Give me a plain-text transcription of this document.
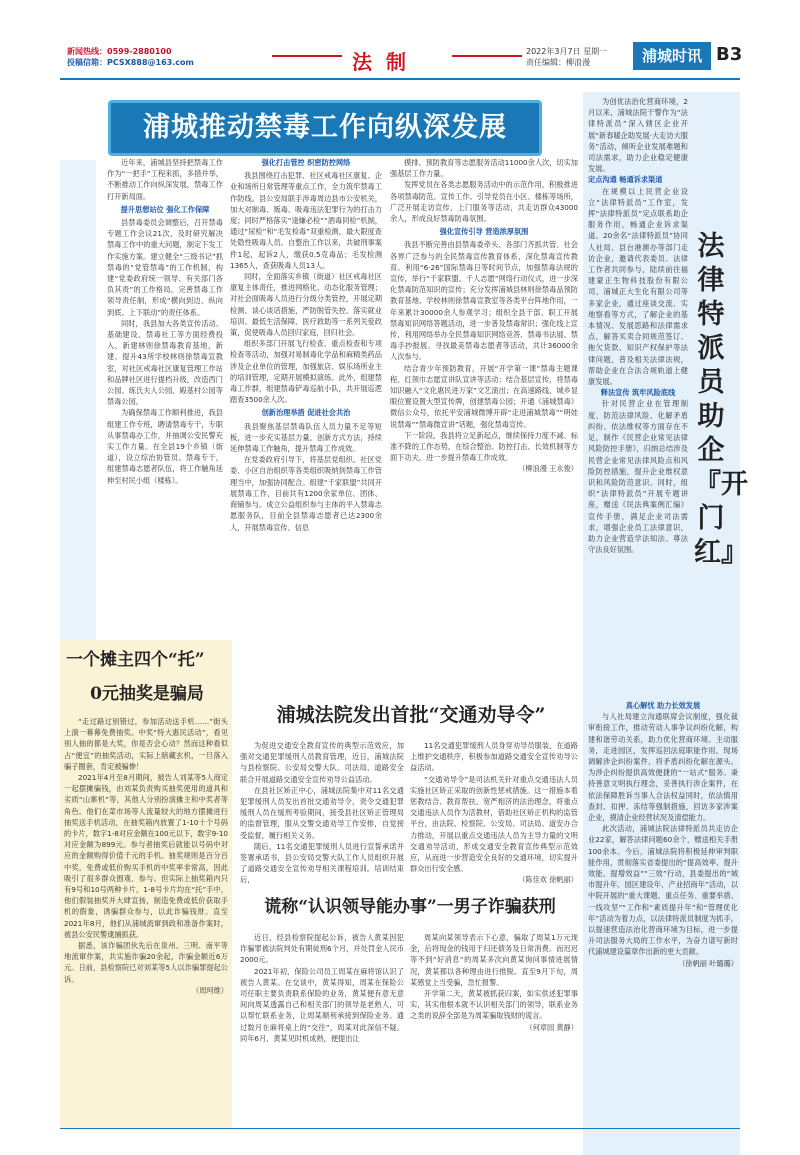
新闻热线：0599-2880100
投稿信箱：PCSX888@163.com	法制	2022年3月7日 星期一
责任编辑：柳浪漫	浦城时讯 B3
浦城推动禁毒工作向纵深发展

近年来，浦城县坚持把禁毒工作作为“一把手”工程来抓，多措并举，不断推动工作向纵深发展，禁毒工作打开新局面。

提升思想站位 强化工作保障

县禁毒委员会调整后，召开禁毒专题工作会议21次，及时研究解决禁毒工作中的重大问题，制定下发工作实施方案。建立健全“三级书记”抓禁毒的“党管禁毒”的工作机制，构建“党委政府统一领导、有关部门各负其责”的工作格局。完善禁毒工作领导责任制，形成“横向到边、纵向到底、上下联动”的责任体系。

同时，我县加大各类宣传活动、基础建设、禁毒社工等方面经费投入，新建林则徐禁毒教育基地，新建、提升43所学校林则徐禁毒宣教室，对社区戒毒社区康复管理工作站和品牌社区进行提档升级，改造西门公园、练氏夫人公园、殿基村公园等禁毒公园。

为确保禁毒工作顺利推进，我县组建工作专班，聘请禁毒专干，专职从事禁毒办工作，并抽调公安民警充实工作力量。在全县19个乡镇（街道），设立综治协管员、禁毒专干，组建禁毒志愿者队伍，将工作触角延伸至村民小组（楼栋）。

强化打击管控 织密防控网络

我县围绕打击犯罪、社区戒毒社区康复、企业和场所日常管理等重点工作，全力筑牢禁毒工作防线。县公安局联手涉毒周边县市公安机关，加大对制毒、贩毒、吸毒违法犯罪行为的打击力度；同时严格落实“逢嫌必检”“酒毒同检”机制，通过“尿检”和“毛发检毒”双重检测，最大限度查处隐性吸毒人员。自整治工作以来，共破刑事案件1起，起诉2人，缴获0.5克毒品；毛发检测1365人，查获吸毒人员13人。

同时，全面落实乡镇（街道）社区戒毒社区康复主体责任，推进网格化、动态化服务管理；对社会面吸毒人员进行分级分类管控，开展定期检测、谈心谈话措施，严防脱管失控。落实就业培训、最低生活保障、医疗救助等一系列关爱政策，促使吸毒人员回归家庭，回归社会。

组织多部门开展飞行检查、重点检查和专项检查等活动，加强对易制毒化学品和麻精类药品涉及企业单位的管理，加强旅店、娱乐场所业主的培训管理，定期开展模拟演练。此外，组建禁毒工作群，组建禁毒铲毒巡航小队，共开展巡逻踏查3500余人次。

创新治理举措 促进社会共治

我县聚焦基层禁毒队伍人员力量不足等短板，进一步充实基层力量，创新方式方法，持续延伸禁毒工作触角，提升禁毒工作成效。

在党委政府引导下，将基层党组织、社区党委、小区自治组织等各类组织吸纳到禁毒工作管理当中，加强协同配合。组建“千家联盟”共同开展禁毒工作，目前共有1200余家单位、团体、商铺参与。成立公益组织参与主体的平入禁毒志愿服务队，目前全县禁毒志愿者已达2300余人，开展禁毒宣传、信息

摸排、预防教育等志愿服务活动11000余人次，切实加强基层工作力量。

发挥党员在各类志愿服务活动中的示范作用，积极推进各项禁毒防范、宣传工作。引导党员在小区、楼栋等场所，广泛开展走访宣传、上门服务等活动，共走访群众43000余人，形成良好禁毒防毒氛围。

强化宣传引导 营造浓厚氛围

我县不断完善由县禁毒委牵头、各部门齐抓共管、社会各界广泛参与的全民禁毒宣传教育体系，深化禁毒宣传教育。利用“6·26”国际禁毒日等时间节点，加强禁毒法规的宣传，举行“千家联盟、千人志愿”网络行动仪式，进一步深化禁毒防范知识的宣传；充分发挥浦城县林则徐禁毒品预防教育基地、学校林则徐禁毒宣教室等各类平台阵地作用，一年来累计30000余人参观学习；组织全县干部、职工开展禁毒知识网络答题活动，进一步普及禁毒常识；强化线上宣传，利用网络举办全民禁毒知识网络竞答、禁毒书法展、禁毒手抄报展、寻找最美禁毒志愿者等活动，共计36000余人次参与。

结合青少年预防教育，开展“开学第一课”禁毒主题课程、红领巾志愿宣讲队宣讲等活动；结合基层宣传，将禁毒知识融入“文化惠民进万家”文艺演出；在高速路线、城乡显眼位置设置大型宣传牌，创建禁毒公园；开通《浦城禁毒》微信公众号，依托平安浦城微博开辟“走进浦城禁毒”“明娃说禁毒”“禁毒微宣讲”话题，强化禁毒宣传。

下一阶段，我县将立足新起点，继续保持力度不减、标准不降的工作态势，在综合整治、防控打击、长效机制等方面下功夫，进一步提升禁毒工作成效。

（柳浪漫 王永俊）

为创优法治化营商环境，2月以来，浦城法院干警作为“法律特派员”深入辖区企业开展“新春暖企助发展·大走访大服务”活动，倾听企业发展难题和司法需求，助力企业稳定健康发展。

定点沟通 畅通诉求渠道

在规模以上民营企业设立“法律特派员”工作室，发挥“法律特派员”定点联系助企服务作用，畅通企业诉求渠道。20余名“法律特派员”协同人社局、县台港澳办等部门走访企业，邀请代表委员、法律工作者共同参与，陆续前往福建蒙正生物科技股份有限公司、浦城正大生化有限公司等多家企业，通过座谈交流、实地察看等方式，了解企业的基本情况、发展思路和法律需求点，解答买卖合同规范签订、拖欠货款、知识产权保护等法律问题，普及相关法律法规，帮助企业在合法合规轨道上健康发展。

释法宣传 筑牢风险底线

针对民营企业在管理制度、防范法律风险、化解矛盾纠纷、依法维权等方面存在不足，制作《民营企业常见法律风险防控手册》，归纳总结涉及民营企业常见法律风险点和风险防控措施，提升企业维权意识和风险防范意识。同时，组织“法律特派员”开展专题讲座，赠送《民法典案例汇编》宣传手册，满足企业司法需求，增强企业员工法律意识，助力企业营造学法知法、尊法守法良好氛围。

法律特派员助企『开门红』

真心解忧 助力长效发展

与人社局建立沟通联席会议制度，强化裁审衔接工作，推动劳动人事争议纠纷化解，构建和谐劳动关系，助力优化营商环境。主动服务，走进园区，发挥巡回法庭职能作用，现场调解涉企纠纷案件，将矛盾纠纷化解在源头。为涉企纠纷提供高效便捷的“一站式”服务。秉持善意文明执行理念，妥善执行涉企案件，在依法保障胜诉当事人合法权益同时，依法慎用查封、扣押、冻结等强制措施，回访多家涉案企业，摸清企业经营状况及清偿能力。

此次活动，浦城法院法律特派员共走访企业22家，解答法律问题60余个，赠送相关手册100余本。今后，浦城法院将积极延伸审判职能作用，贯彻落实省委提出的“提高效率、提升效能、提增效益”“三效”行动，县委提出的“城市提升年、园区建设年、产业招商年”活动，以中院开展的“重大课题、重点任务、重要举措、一线攻坚”“工作和“素质提升年”和“管理优化年”活动为着力点，以法律特派员制度为抓手，以提速营造法治化营商环境为目标，进一步提升司法服务大局的工作水平，为奋力谱写新时代浦城建设篇章作出新的更大贡献。

（徐帆丽 叶璐璐）

一个摊主四个“托”
0元抽奖是骗局

“走过路过别错过，参加活动送手机……”街头上演一幕幕免费抽奖。中奖“特大惠民活动”，看见别人抽的都是大奖，你是否会心动？然而这种看似占“便宜”的抽奖活动，实际上暗藏玄机，一旦落入骗子圈套，肯定被骗惨！

2021年4月至8月期间，被告人刘某等5人商定一起摆摊骗钱，由刘某负责购买抽奖使用的道具和劣质“山寨机”等，其他人分别扮演摊主和中奖者等角色。他们在菜市场等人流量较大的地方摆摊进行抽奖送手机活动，在抽奖箱内放置了1-10十个号码的卡片，数字1-8对应金额在100元以下，数字9-10对应金额为899元。参与者抽奖后就能以号码中对应的金额购得价值千元的手机。抽奖规则是百分百中奖，免费或低价购买手机的中奖率非常高，因此吸引了很多群众围观、参与。但实际上抽奖箱内只有9号和10号两种卡片，1-8号卡片均在“托”手中，他们假装抽奖并大肆宣扬，制造免费或低价获取手机的假象，诱骗群众参与，以此诈骗钱财。直至2021年8月，他们从浦城流窜到政和准备作案时，被县公安民警逮捕抓获。

据悉，该诈骗团伙先后在泉州、三明、南平等地流窜作案，共实施诈骗20余起，诈骗金额近6万元。日前，县检察院已对刘某等5人以诈骗罪提起公诉。

（周珂维）

浦城法院发出首批“交通劝导令”

为促进交通安全教育宣传的典型示范效应，加强对交通犯罪缓刑人员教育管理，近日，浦城法院与县检察院、公安局交警大队、司法局、道路安全联合开展道路交通安全宣传劝导公益活动。

在县社区矫正中心，浦城法院集中对11名交通犯罪缓刑人员发出首批交通劝导令，责令交通犯罪缓刑人员在缓刑考验期间，接受县社区矫正管理局的监督管理，服从交警交通劝导工作安排，自觉接受监督，履行相关义务。

随后，11名交通犯罪缓刑人员进行宣誓承诺并签署承诺书，县公安局交警大队工作人员组织开展了道路交通安全宣传劝导相关课程培训。培训结束后，

11名交通犯罪缓刑人员身穿劝导员服装，在道路上维护交通秩序，积极参加道路交通安全宣传劝导公益活动。

“交通劝导令”是司法机关针对重点交通违法人员实施社区矫正采取的创新性惩戒措施。这一措施本着惩教结合、教育帮扶、宽严相济的法治理念，将重点交通违法人员作为活教材，借助社区矫正机构的监管平台，由法院、检察院、公安局、司法局、道安办合力推动，开展以重点交通违法人员为主导力量的文明交通劝导活动，形成交通安全教育宣传典型示范效应，从而进一步营造安全良好的交通环境，切实提升群众出行安全感。

（陈佳欢 徐帆丽）

谎称“认识领导能办事”一男子诈骗获刑

近日，经县检察院提起公诉，被告人黄某因犯诈骗罪被法院判处有期徒刑6个月，并处罚金人民币2000元。

2021年初，保险公司员工周某在麻将馆认识了被告人黄某。在交谈中，黄某得知，周某在保险公司任职主要负责联系保险的业务，黄某便有意无意间向周某透露自己和相关部门的领导是老熟人，可以帮忙联系业务，让周某顺利承接到保险业务。通过数月在麻将桌上的“交往”，周某对此深信不疑。同年6月，黄某见时机成熟，便提出让

周某向某领导表示下心意，骗取了周某1万元现金，后将现金的钱用于归还债务及日常消费。而迟迟等不到“好消息”的周某多次向黄某询问事情进展情况，黄某都以各种理由进行推脱。直至9月下旬，周某感觉上当受骗，急忙报警。

开学第二天，黄某被抓获归案，如实供述犯罪事实，其实他根本就不认识相关部门的领导，联系业务之类的说辞全部是为周某骗取钱财的谎言。

（何章园 黄静）
